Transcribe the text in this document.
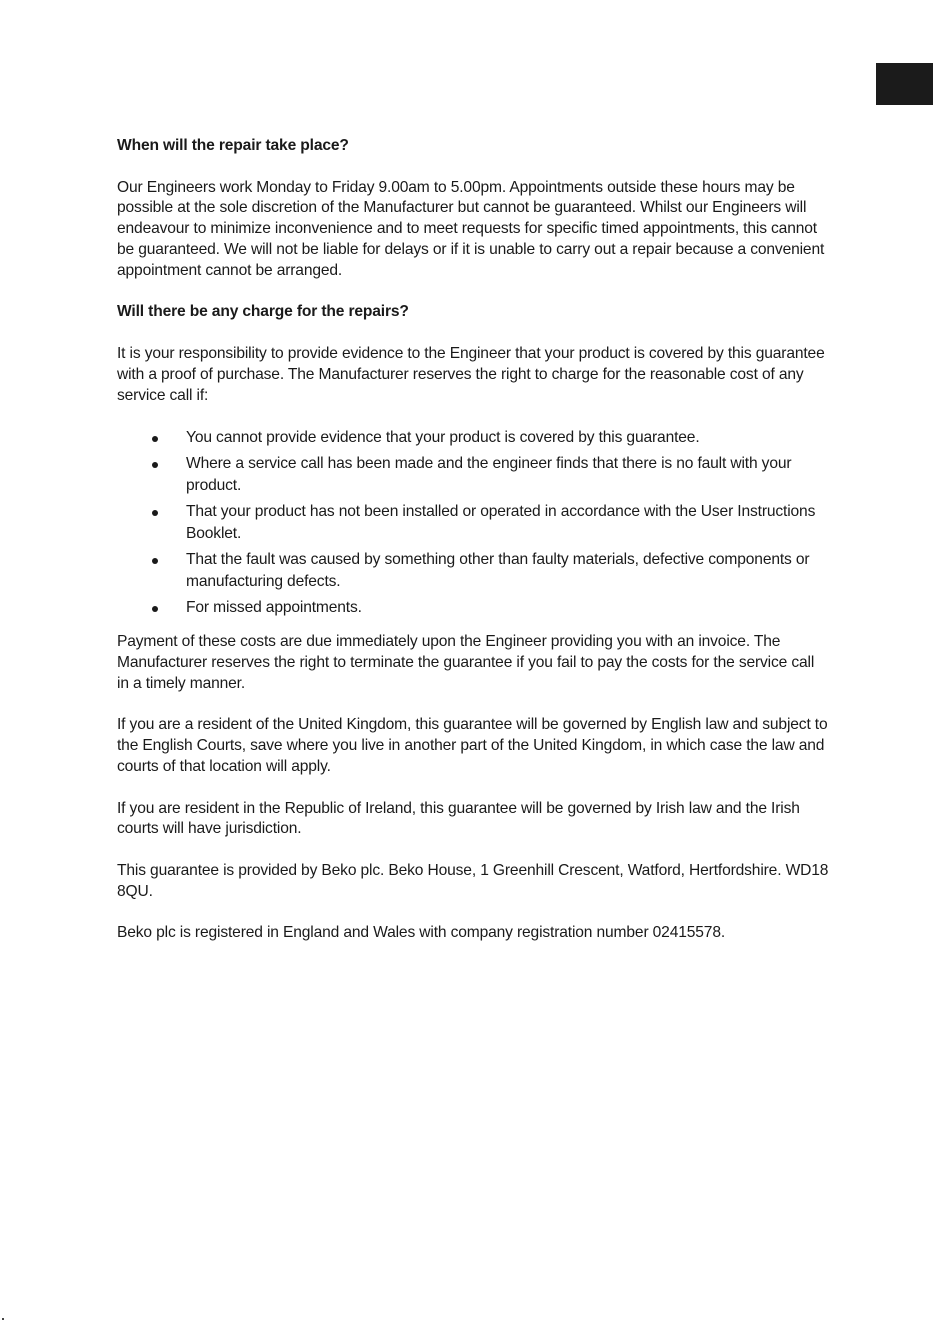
When will the repair take place?
Our Engineers work Monday to Friday 9.00am to 5.00pm. Appointments outside these hours may be possible at the sole discretion of the Manufacturer but cannot be guaranteed. Whilst our Engineers will endeavour to minimize inconvenience and to meet requests for specific timed appointments, this cannot be guaranteed. We will not be liable for delays or if it is unable to carry out a repair because a convenient appointment cannot be arranged.
Will there be any charge for the repairs?
It is your responsibility to provide evidence to the Engineer that your product is covered by this guarantee with a proof of purchase. The Manufacturer reserves the right to charge for the reasonable cost of any service call if:
You cannot provide evidence that your product is covered by this guarantee.
Where a service call has been made and the engineer finds that there is no fault with your product.
That your product has not been installed or operated in accordance with the User Instructions Booklet.
That the fault was caused by something other than faulty materials, defective components or manufacturing defects.
For missed appointments.
Payment of these costs are due immediately upon the Engineer providing you with an invoice. The Manufacturer reserves the right to terminate the guarantee if you fail to pay the costs for the service call in a timely manner.
If you are a resident of the United Kingdom, this guarantee will be governed by English law and subject to the English Courts, save where you live in another part of the United Kingdom, in which case the law and courts of that location will apply.
If you are resident in the Republic of Ireland, this guarantee will be governed by Irish law and the Irish courts will have jurisdiction.
This guarantee is provided by Beko plc. Beko House, 1 Greenhill Crescent, Watford, Hertfordshire. WD18 8QU.
Beko plc is registered in England and Wales with company registration number 02415578.
